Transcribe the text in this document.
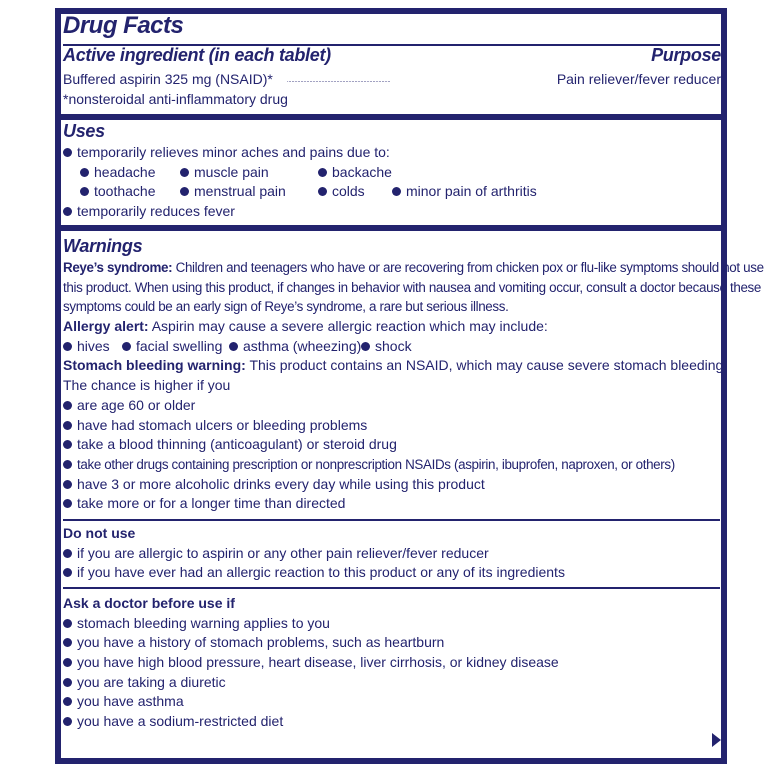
Drug Facts
Active ingredient (in each tablet)	Purpose
Buffered aspirin 325 mg (NSAID)* ……………………………………………………………	Pain reliever/fever reducer
*nonsteroidal anti-inflammatory drug
Uses
temporarily relieves minor aches and pains due to:
headache	muscle pain	backache
toothache	menstrual pain	colds	minor pain of arthritis
temporarily reduces fever
Warnings
Reye’s syndrome: Children and teenagers who have or are recovering from chicken pox or flu-like symptoms should not use
this product. When using this product, if changes in behavior with nausea and vomiting occur, consult a doctor because these
symptoms could be an early sign of Reye’s syndrome, a rare but serious illness.
Allergy alert: Aspirin may cause a severe allergic reaction which may include:
hives	facial swelling	asthma (wheezing) shock
Stomach bleeding warning: This product contains an NSAID, which may cause severe stomach bleeding.
The chance is higher if you
are age 60 or older
have had stomach ulcers or bleeding problems
take a blood thinning (anticoagulant) or steroid drug
take other drugs containing prescription or nonprescription NSAIDs (aspirin, ibuprofen, naproxen, or others)
have 3 or more alcoholic drinks every day while using this product
take more or for a longer time than directed
Do not use
if you are allergic to aspirin or any other pain reliever/fever reducer
if you have ever had an allergic reaction to this product or any of its ingredients
Ask a doctor before use if
stomach bleeding warning applies to you
you have a history of stomach problems, such as heartburn
you have high blood pressure, heart disease, liver cirrhosis, or kidney disease
you are taking a diuretic
you have asthma
you have a sodium-restricted diet
